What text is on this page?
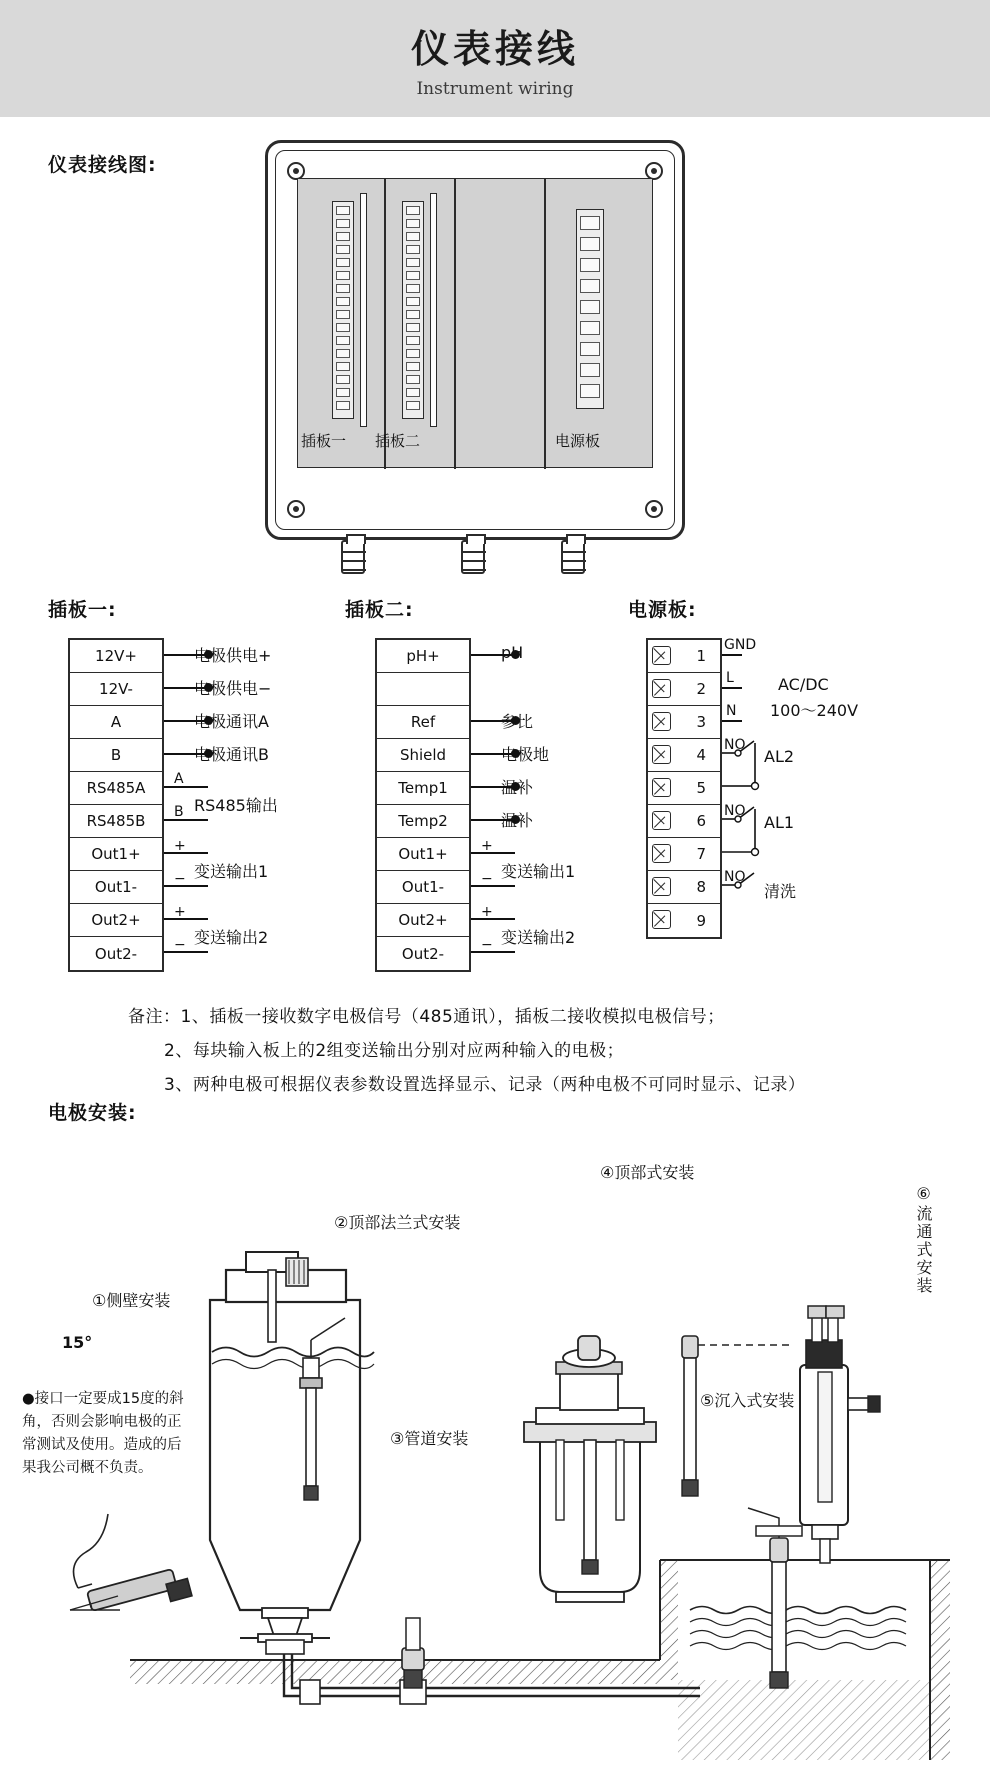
仪表接线
Instrument wiring
仪表接线图:
插板一 插板二	电源板
插板一:
12V+
12V-
A
B
RS485A
RS485B
Out1+
Out1-
Out2+
Out2-
电极供电+
电极供电−
电极通讯A
电极通讯B
A
B RS485输出
+
− 变送输出1
+
− 变送输出2
插板二:
pH+
Ref
Shield
Temp1
Temp2
Out1+
Out1-
Out2+
Out2-
pH
参比
电极地
温补
温补
+
− 变送输出1
+
− 变送输出2
电源板:
1
2
3
4
5
6
7
8
9
GND
L
N
AC/DC
100～240V
NO
AL2
NO
AL1
NO
清洗
备注：1、插板一接收数字电极信号（485通讯），插板二接收模拟电极信号；
2、每块输入板上的2组变送输出分别对应两种输入的电极；
3、两种电极可根据仪表参数设置选择显示、记录（两种电极不可同时显示、记录）
电极安装:
①侧壁安装
②顶部法兰式安装
③管道安装
④顶部式安装
⑤沉入式安装
⑥流通式安装
15°
●接口一定要成15度的斜角，否则会影响电极的正常测试及使用。造成的后果我公司概不负责。
